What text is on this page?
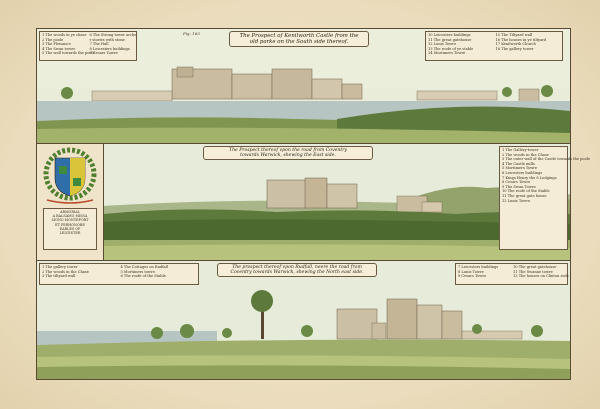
Fig. 163
1 The woods in ye chase
2 The poole
3 The Pleisance
4 The Swan tower
5 The wall towards the poole
6 The Strong tower arche
r stories with stone
7 The Hall
8 Leicesters buildings
9 Cesars Towre
The Prospect of Kenilworth Castle from the
old parke on the South side thereof.
10 Leicesters buildings
11 The great gatehouse
12 Lunis Towre
13 The roofe of ye stable
14 Mortimers Towre
15 The Tiltyard wall
16 The houses in ye tiltyard
17 Kenilworth Church
18 The gallery tower
ARMORIAL
A BALSAMO MISSA
SIGNO MONTEFORT
ET PERHONORE
EARLES OF
LEICESTER
The Prospect thereof vpon the road from Coventry
towards Warwick, shewing the East side.
1 The Gallery-tower
2 The woods in the Chase
3 The outer wall of the Castle towards the poole
4 The Castle mills
5 Mortimers Towre
6 Leicesters buildings
7 Kings Henry the 8 Lodgings
8 Cesars Towre
9 The Swan Towre
10 The roofe of the Stable
11 The great gate house
12 Lunis Towre
1 The gallery tower
2 The woods in the Chase
3 The tiltyard wall
4 The Cottages on Rudfall
5 Mortimers towre
6 The roofe of the Stable
The prospect thereof vpon Rudfall, neere the road from
Coventry towards Warwick, shewing the North east side.
7 Leicesters buildings
8 Lunis Towre
9 Cesars Towre
10 The great gatehouse
11 The Swanne towre
12 The houses on Clinton rode
